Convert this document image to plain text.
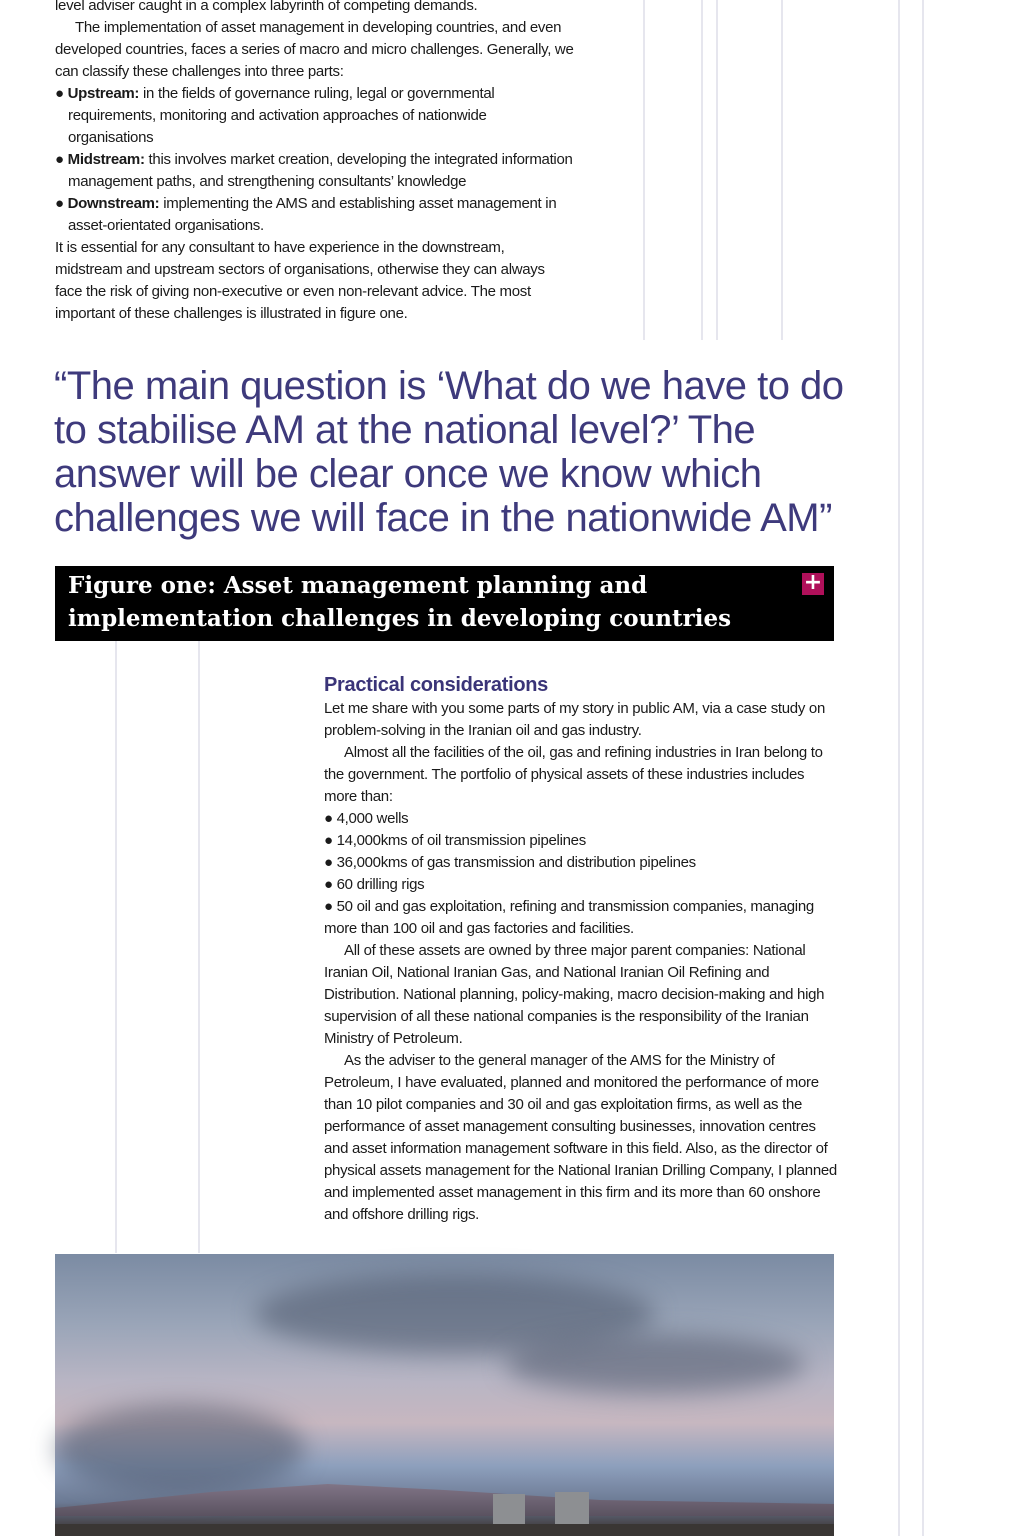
level adviser caught in a complex labyrinth of competing demands.

The implementation of asset management in developing countries, and even developed countries, faces a series of macro and micro challenges. Generally, we can classify these challenges into three parts:

● Upstream: in the fields of governance ruling, legal or governmental requirements, monitoring and activation approaches of nationwide organisations

● Midstream: this involves market creation, developing the integrated information management paths, and strengthening consultants’ knowledge

● Downstream: implementing the AMS and establishing asset management in asset-orientated organisations.

It is essential for any consultant to have experience in the downstream, midstream and upstream sectors of organisations, otherwise they can always face the risk of giving non-executive or even non-relevant advice. The most important of these challenges is illustrated in figure one.

“The main question is ‘What do we have to do to stabilise AM at the national level?’ The answer will be clear once we know which challenges we will face in the nationwide AM”
Figure one: Asset management planning and implementation challenges in developing countries
+
Practical considerations

Let me share with you some parts of my story in public AM, via a case study on problem-solving in the Iranian oil and gas industry.

Almost all the facilities of the oil, gas and refining industries in Iran belong to the government. The portfolio of physical assets of these industries includes more than:

● 4,000 wells

● 14,000kms of oil transmission pipelines

● 36,000kms of gas transmission and distribution pipelines

● 60 drilling rigs

● 50 oil and gas exploitation, refining and transmission companies, managing more than 100 oil and gas factories and facilities.

All of these assets are owned by three major parent companies: National Iranian Oil, National Iranian Gas, and National Iranian Oil Refining and Distribution. National planning, policy-making, macro decision-making and high supervision of all these national companies is the responsibility of the Iranian Ministry of Petroleum.

As the adviser to the general manager of the AMS for the Ministry of Petroleum, I have evaluated, planned and monitored the performance of more than 10 pilot companies and 30 oil and gas exploitation firms, as well as the performance of asset management consulting businesses, innovation centres and asset information management software in this field. Also, as the director of physical assets management for the National Iranian Drilling Company, I planned and implemented asset management in this firm and its more than 60 onshore and offshore drilling rigs.
